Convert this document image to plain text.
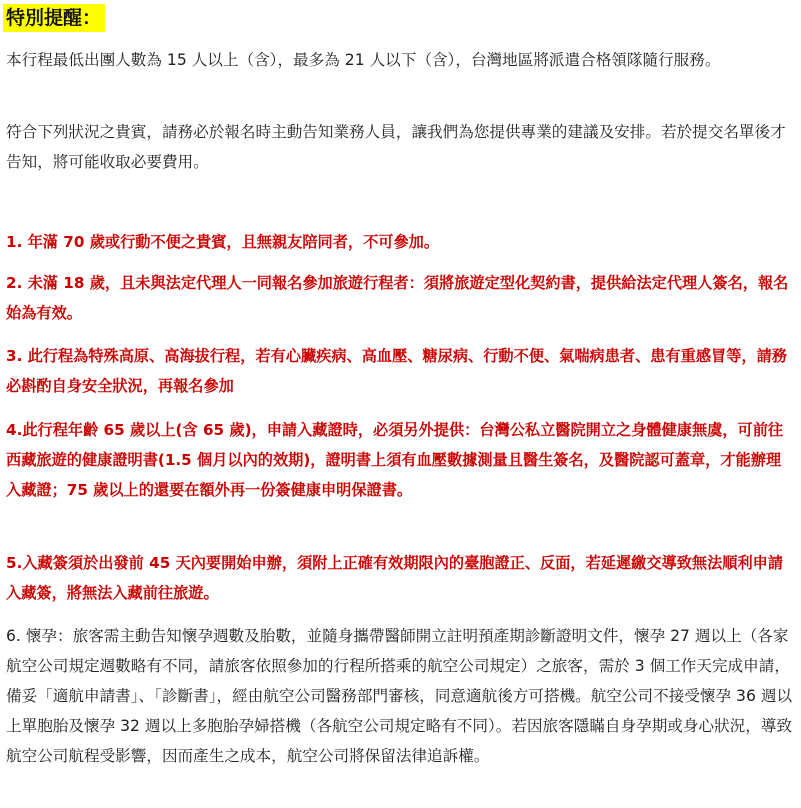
特別提醒：

本行程最低出團人數為 15 人以上（含），最多為 21 人以下（含），台灣地區將派遣合格領隊隨行服務。

符合下列狀況之貴賓，請務必於報名時主動告知業務人員，讓我們為您提供專業的建議及安排。若於提交名單後才告知，將可能收取必要費用。

1. 年滿 70 歲或行動不便之貴賓，且無親友陪同者，不可參加。

2. 未滿 18 歲，且未與法定代理人一同報名參加旅遊行程者：須將旅遊定型化契約書，提供給法定代理人簽名，報名始為有效。

3. 此行程為特殊高原、高海拔行程，若有心臟疾病、高血壓、糖尿病、行動不便、氣喘病患者、患有重感冒等，請務必斟酌自身安全狀況，再報名參加

4.此行程年齡 65 歲以上(含 65 歲)，申請入藏證時，必須另外提供：台灣公私立醫院開立之身體健康無虞，可前往西藏旅遊的健康證明書(1.5 個月以內的效期)，證明書上須有血壓數據測量且醫生簽名，及醫院認可蓋章，才能辦理入藏證；75 歲以上的還要在額外再一份簽健康申明保證書。

5.入藏簽須於出發前 45 天內要開始申辦，須附上正確有效期限內的臺胞證正、反面，若延遲繳交導致無法順利申請入藏簽，將無法入藏前往旅遊。

6. 懷孕：旅客需主動告知懷孕週數及胎數，並隨身攜帶醫師開立註明預產期診斷證明文件，懷孕 27 週以上（各家航空公司規定週數略有不同，請旅客依照參加的行程所搭乘的航空公司規定）之旅客，需於 3 個工作天完成申請，備妥「適航申請書」、「診斷書」，經由航空公司醫務部門審核，同意適航後方可搭機。航空公司不接受懷孕 36 週以上單胞胎及懷孕 32 週以上多胞胎孕婦搭機（各航空公司規定略有不同）。若因旅客隱瞞自身孕期或身心狀況，導致航空公司航程受影響，因而產生之成本，航空公司將保留法律追訴權。
